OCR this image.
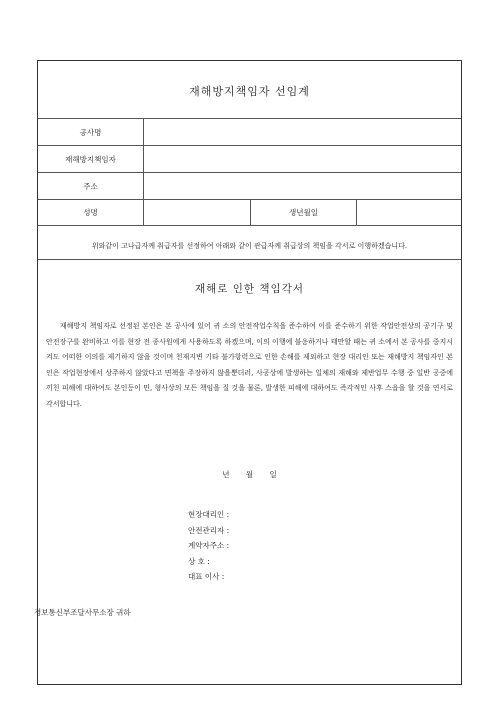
재해방지책임자 선임계
공사명
재해방지책임자
주소
성명	생년월일
위와같이 고나급자께 취급자를 선정하여 아래와 같이 관급자께 취급상의 책임을 각서로 이행하겠습니다.
재해로 인한 책임각서
재해방지 책임자로 선정된 본인은 본 공사에 있어 귀 소의 안전작업수칙을 준수하여 이를 준수하기 위한 작업안전상의 공기구 및 안전장구를 완비하고 이를 현장 전 종사원에게 사용하도록 하겠으며, 이의 이행에 불응하거나 태만할 때는 귀 소에서 본 공사를 중지시켜도 어떠한 이의를 제기하지 않을 것이며 천재지변 기타 불가항력으로 인한 손해를 제외하고 현장 대리인 또는 재해방지 책임자인 본인은 작업현장에서 상주하지 않았다고 면책을 주장하지 않을뿐더러, 사공상에 발생하는 일체의 재해와 제반업무 수행 중 일반 공중에 끼친 피해에 대하여도 본인등이 민, 형사상의 모든 책임을 질 것을 물론, 발생한 피해에 대하여도 즉각적인 사후 스읍을 할 것을 연서로 각서합니다.
년 월 일
현장대리인 :
안전관리자 :
계약자주소 :
상 호 :
대표 이사 :
경보통신부조달사무소장 귀하
